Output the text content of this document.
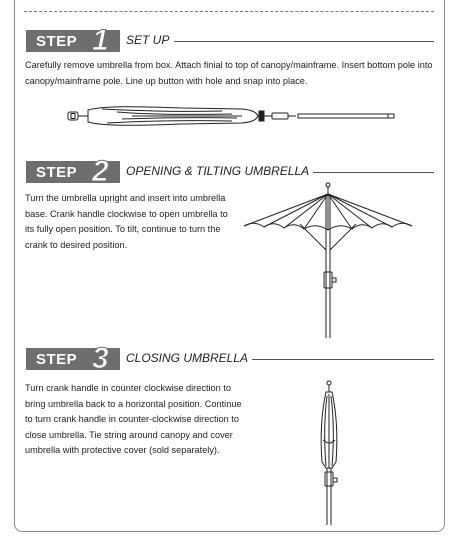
STEP 1 SET UP

Carefully remove umbrella from box. Attach finial to top of canopy/mainframe. Insert bottom pole into canopy/mainframe pole. Line up button with hole and snap into place.

STEP 2 OPENING & TILTING UMBRELLA

Turn the umbrella upright and insert into umbrella base. Crank handle clockwise to open umbrella to its fully open position. To tilt, continue to turn the crank to desired position.

STEP 3 CLOSING UMBRELLA

Turn crank handle in counter clockwise direction to bring umbrella back to a horizontal position. Continue to turn crank handle in counter-clockwise direction to close umbrella. Tie string around canopy and cover umbrella with protective cover (sold separately).
